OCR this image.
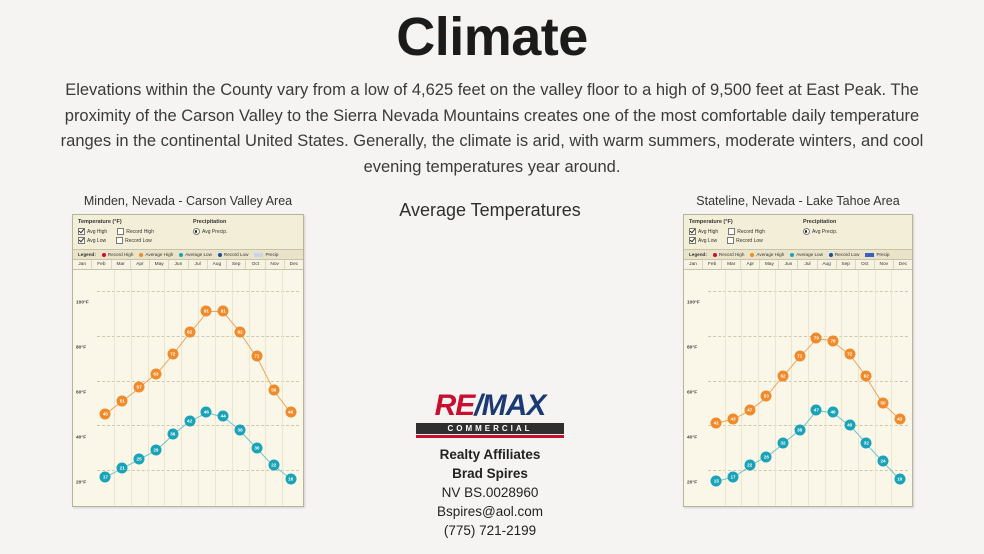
Climate
Elevations within the County vary from a low of 4,625 feet on the valley floor to a high of 9,500 feet at East Peak. The proximity of the Carson Valley to the Sierra Nevada Mountains creates one of the most comfortable daily temperature ranges in the continental United States. Generally, the climate is arid, with warm summers, moderate winters, and cool evening temperatures year around.
Minden, Nevada - Carson Valley Area
Temperature (°F)
Avg High	Record High
Avg Low	Record Low
Precipitation
Avg Precip.
Legend:	Record High	Average High	Average Low	Record Low	Precip
Jan	Feb	Mar	Apr	May	Jun	Jul	Aug	Sep	Oct	Nov	Dec
100°F
80°F
60°F
40°F
20°F
45
51
57
63
72
82
91	91
82
71
56
46
17
21
25
29
36
42
46
44
38
30
22
16
Average Temperatures
RE/MAX
COMMERCIAL
Realty Affiliates
Brad Spires
NV BS.0028960
Bspires@aol.com
(775) 721-2199
Stateline, Nevada - Lake Tahoe Area
Temperature (°F)
Avg High	Record High
Avg Low	Record Low
Precipitation
Avg Precip.
Legend:	Record High	Average High	Average Low	Record Low	Precip
Jan	Feb	Mar	Apr	May	Jun	Jul	Aug	Sep	Oct	Nov	Dec
100°F
80°F
60°F
40°F
20°F
41
43
47
53
62
71
79	78
72
62
50
43
15
17
22
26
32
38
47	46
40
32
24
16
